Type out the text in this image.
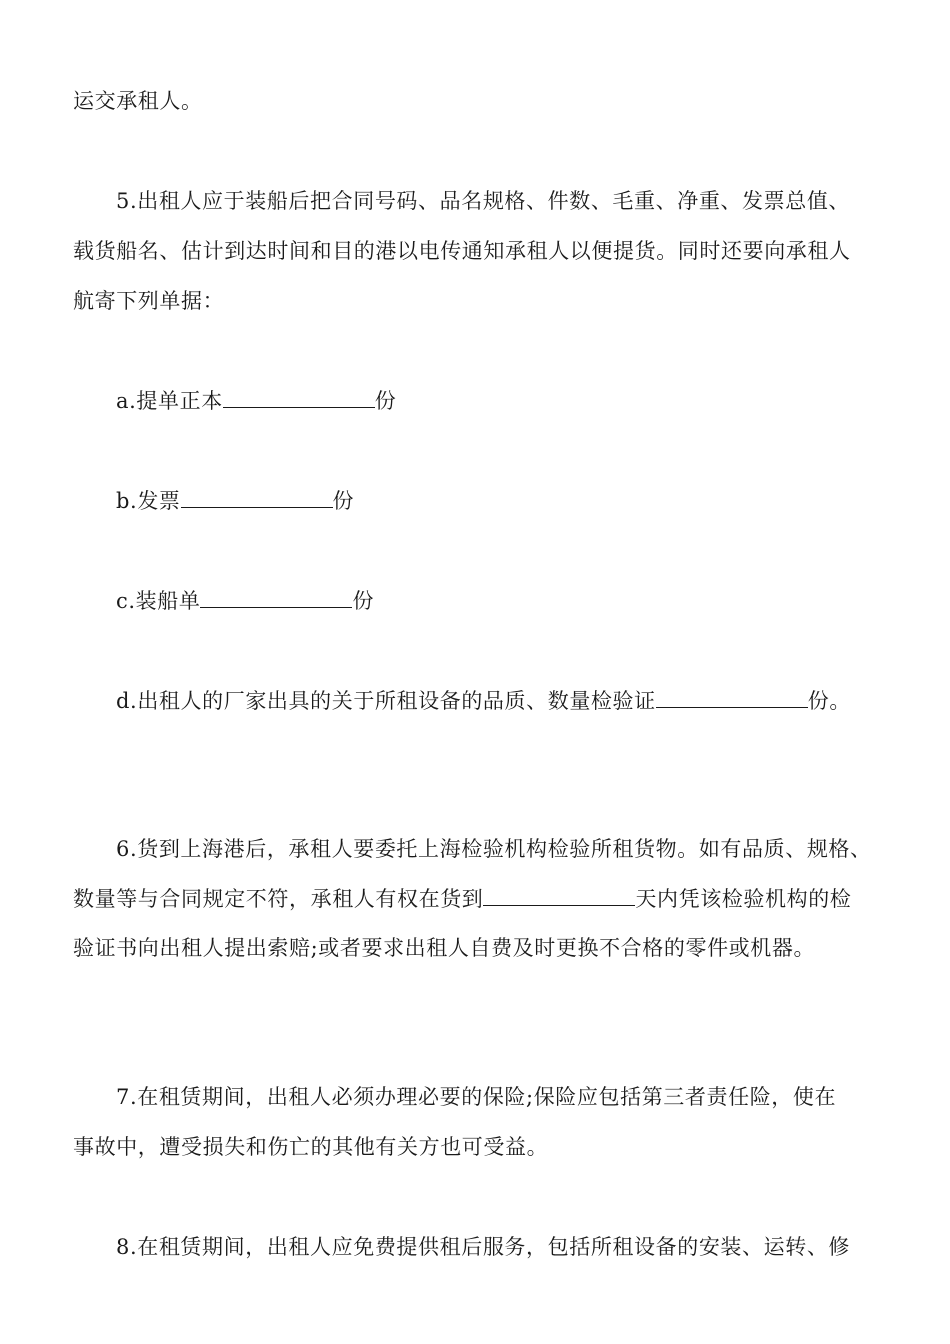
运交承租人。
5.出租人应于装船后把合同号码、品名规格、件数、毛重、净重、发票总值、
载货船名、估计到达时间和目的港以电传通知承租人以便提货。同时还要向承租人
航寄下列单据：
a.提单正本	份
b.发票	份
c.装船单	份
d.出租人的厂家出具的关于所租设备的品质、数量检验证	份。
6.货到上海港后，承租人要委托上海检验机构检验所租货物。如有品质、规格、
数量等与合同规定不符，承租人有权在货到	天内凭该检验机构的检
验证书向出租人提出索赔;或者要求出租人自费及时更换不合格的零件或机器。
7.在租赁期间，出租人必须办理必要的保险;保险应包括第三者责任险，使在
事故中，遭受损失和伤亡的其他有关方也可受益。
8.在租赁期间，出租人应免费提供租后服务，包括所租设备的安装、运转、修
